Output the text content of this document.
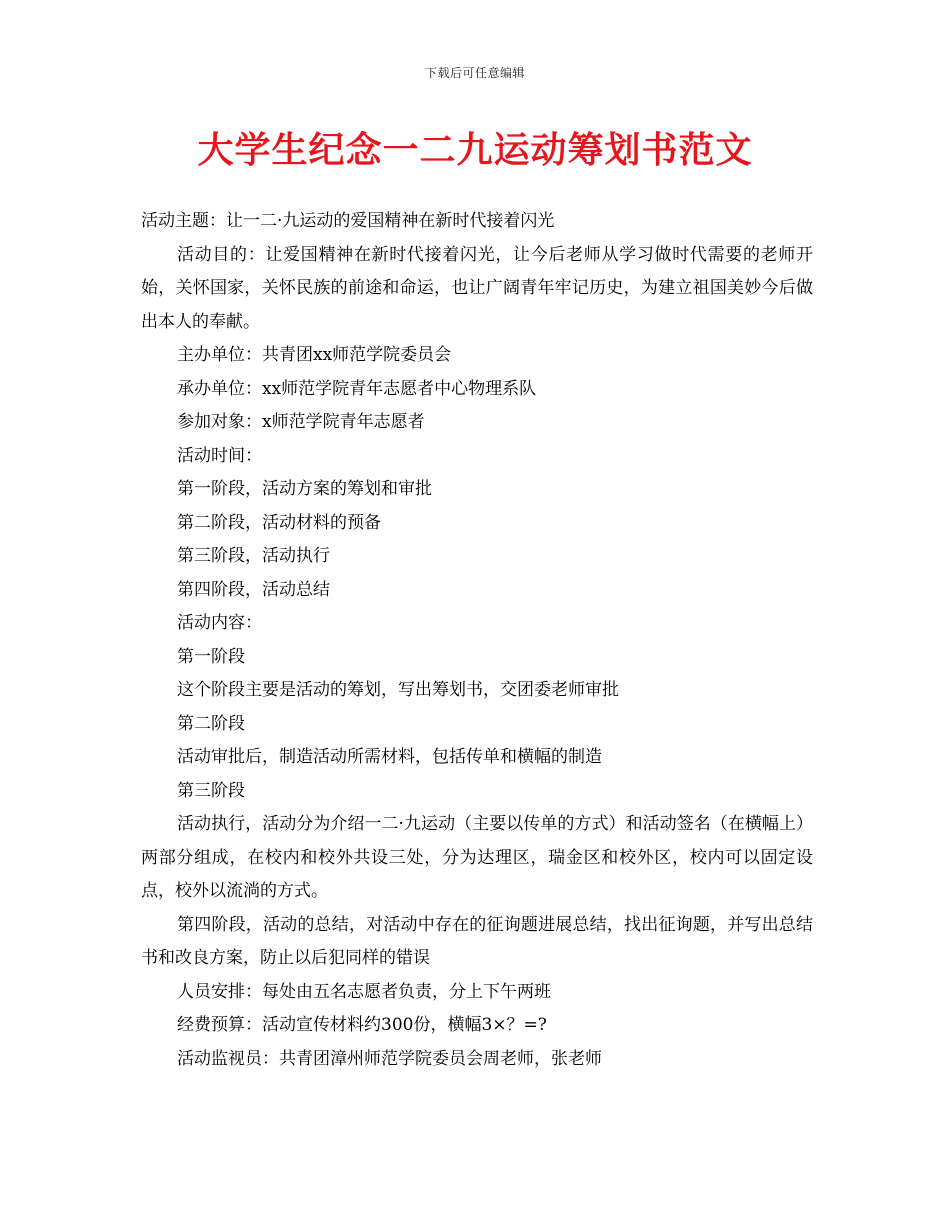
下载后可任意编辑
大学生纪念一二九运动筹划书范文

活动主题：让一二·九运动的爱国精神在新时代接着闪光

活动目的：让爱国精神在新时代接着闪光，让今后老师从学习做时代需要的老师开始，关怀国家，关怀民族的前途和命运，也让广阔青年牢记历史，为建立祖国美妙今后做出本人的奉献。

主办单位：共青团xx师范学院委员会

承办单位：xx师范学院青年志愿者中心物理系队

参加对象：x师范学院青年志愿者

活动时间：

第一阶段，活动方案的筹划和审批

第二阶段，活动材料的预备

第三阶段，活动执行

第四阶段，活动总结

活动内容：

第一阶段

这个阶段主要是活动的筹划，写出筹划书，交团委老师审批

第二阶段

活动审批后，制造活动所需材料，包括传单和横幅的制造

第三阶段

活动执行，活动分为介绍一二·九运动（主要以传单的方式）和活动签名（在横幅上）两部分组成，在校内和校外共设三处，分为达理区，瑞金区和校外区，校内可以固定设点，校外以流淌的方式。

第四阶段，活动的总结，对活动中存在的征询题进展总结，找出征询题，并写出总结书和改良方案，防止以后犯同样的错误

人员安排：每处由五名志愿者负责，分上下午两班

经费预算：活动宣传材料约300份，横幅3×？=?

活动监视员：共青团漳州师范学院委员会周老师，张老师
